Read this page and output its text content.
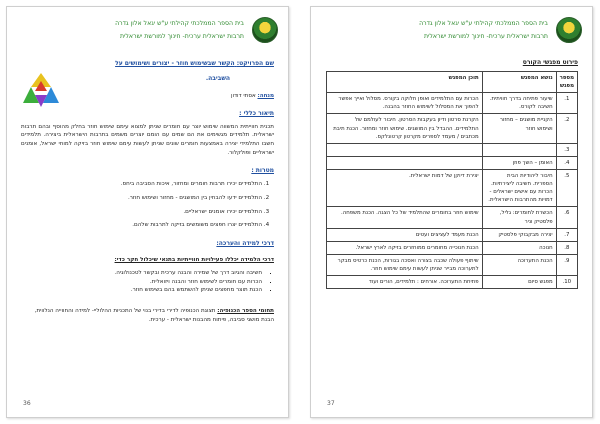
בית הספר הממלכתי קהילתי ע"ש יגאל אלון גדרה
תרבות ישראלית ערכית- חינוך למורשת ישראלית
שם הפרויקט: הקשר שבשימוש חוזר - יצורים ושימושים על
השביבה.
מנחה: אסתי דודון
תיאור כללי :
תכנית חווייתית המשווה שימוש יוצר עם חומרים שניתן למצוא עימם שימוש חוזר בחלק מהוסף ובהם תרבות ישראלית. תלמידים מגשימים את הם שמים עם הומם יוצרים משמים בתרבות הישראלית ביצירה. תלמידים חשבו התלמידי יצירה באמצעות חומרים שונים שניתן לעשות עימם שימוש חוזר בזיקה למוחי ישראל, אומנים ישראליים ופולקלור.
מטרות :
1. התלמידים יכירו תרבות חומרים ומחזור, איכות הסביבה ביחס.
2. התלמידים ידעו להבחין בין המושגים - מחזור ושימוש חוזר.
3. התלמידים יכירו אומנים ישראליים.
4. התלמידים יצרו חפצים משומשים בזיקה לתרבות שלהם.
דרכי למידה והערכה:
דרכי הלמידה יכללו פעילויות חווייתיות בתנאי שיכלול חקר כדי:
▪ חשיבה והגיוב דרך של שמירה והבנה ערכית ובקשר לטכנולוגיה.
▪ הכרות עם חומרים לשימוש חוזר והבנה ויזואלית.
▪ הכנת תוצר מחפצים שניתן להשתמש בהם בשימוש חוזר.
תחומי הספר הכנופיה: תצוגת הכנופיה לדירי בדירי בנוי של התכניות ההלוליי- למידה והחווייה הנלווית, הבנת מושגי סביבה, פיתוח מהבנות ישראלית - ערכית.
36
בית הספר הממלכתי קהילתי ע"ש יגאל אלון גדרה
תרבות ישראלית ערכית- חינוך למורשת ישראלית
פירוט מפגשי הקורס
מספר מפגש	נושא המפגש	תוכן המפגש
1.	שיעור פתיחה בדרך חוויתית. חשיבה לקורס.	הכרות עם התלמידים ואופן חלוקה בקורס. מסלול ואייך אפשר להפוך את המסלול לשימוש החוזר בהבנה.
2.	הקניית מושגים – מחזור ושימוש חוזר	הקרנת סרטון ודיון בעקבות הסרטון. חיבור לעולמם של התלמידים. ההבדל בין המושגים. שימוש חוזר ומחזור. הכנת תיבת מכתבים / מעמד לספרים מקרטון קרטונלקס.
3.		
4.	האומן – השך פוזן	
5.	חיבור ליהודיות הבית הספרית. חשיבה ליצירתיות. הכרות עם אישים ישראלים - דמויות מהתרבות הישראלית.	יצירת דיוקן של דמות ישראלית.
6.	הכשרת לחומרים: גליל, פלסטיק וניר	שימוש חוזר בחומרים שהתלמיד של כל הצגה. הכנת משפחה.
7.	יצירה מבקבוקי פלסטיק	הכנת מעמד לעציצים ועטים
8.	חנוכה	הכנת חנוכייה מחומרים ממוחזרים בזיקה לארץ ישראל.
9.	הכנת התערוכה	שיתוף פעולה שכבה בצורה ואסכה בגורות, הכנת כרטיס מבקר לתערוכה מבייר שניתן לעשות עימם שימוש חוזר.
10.	מפגש סיום	פתיחת התערוכה. אורחים : תלמידים, הורים ועוד
37
